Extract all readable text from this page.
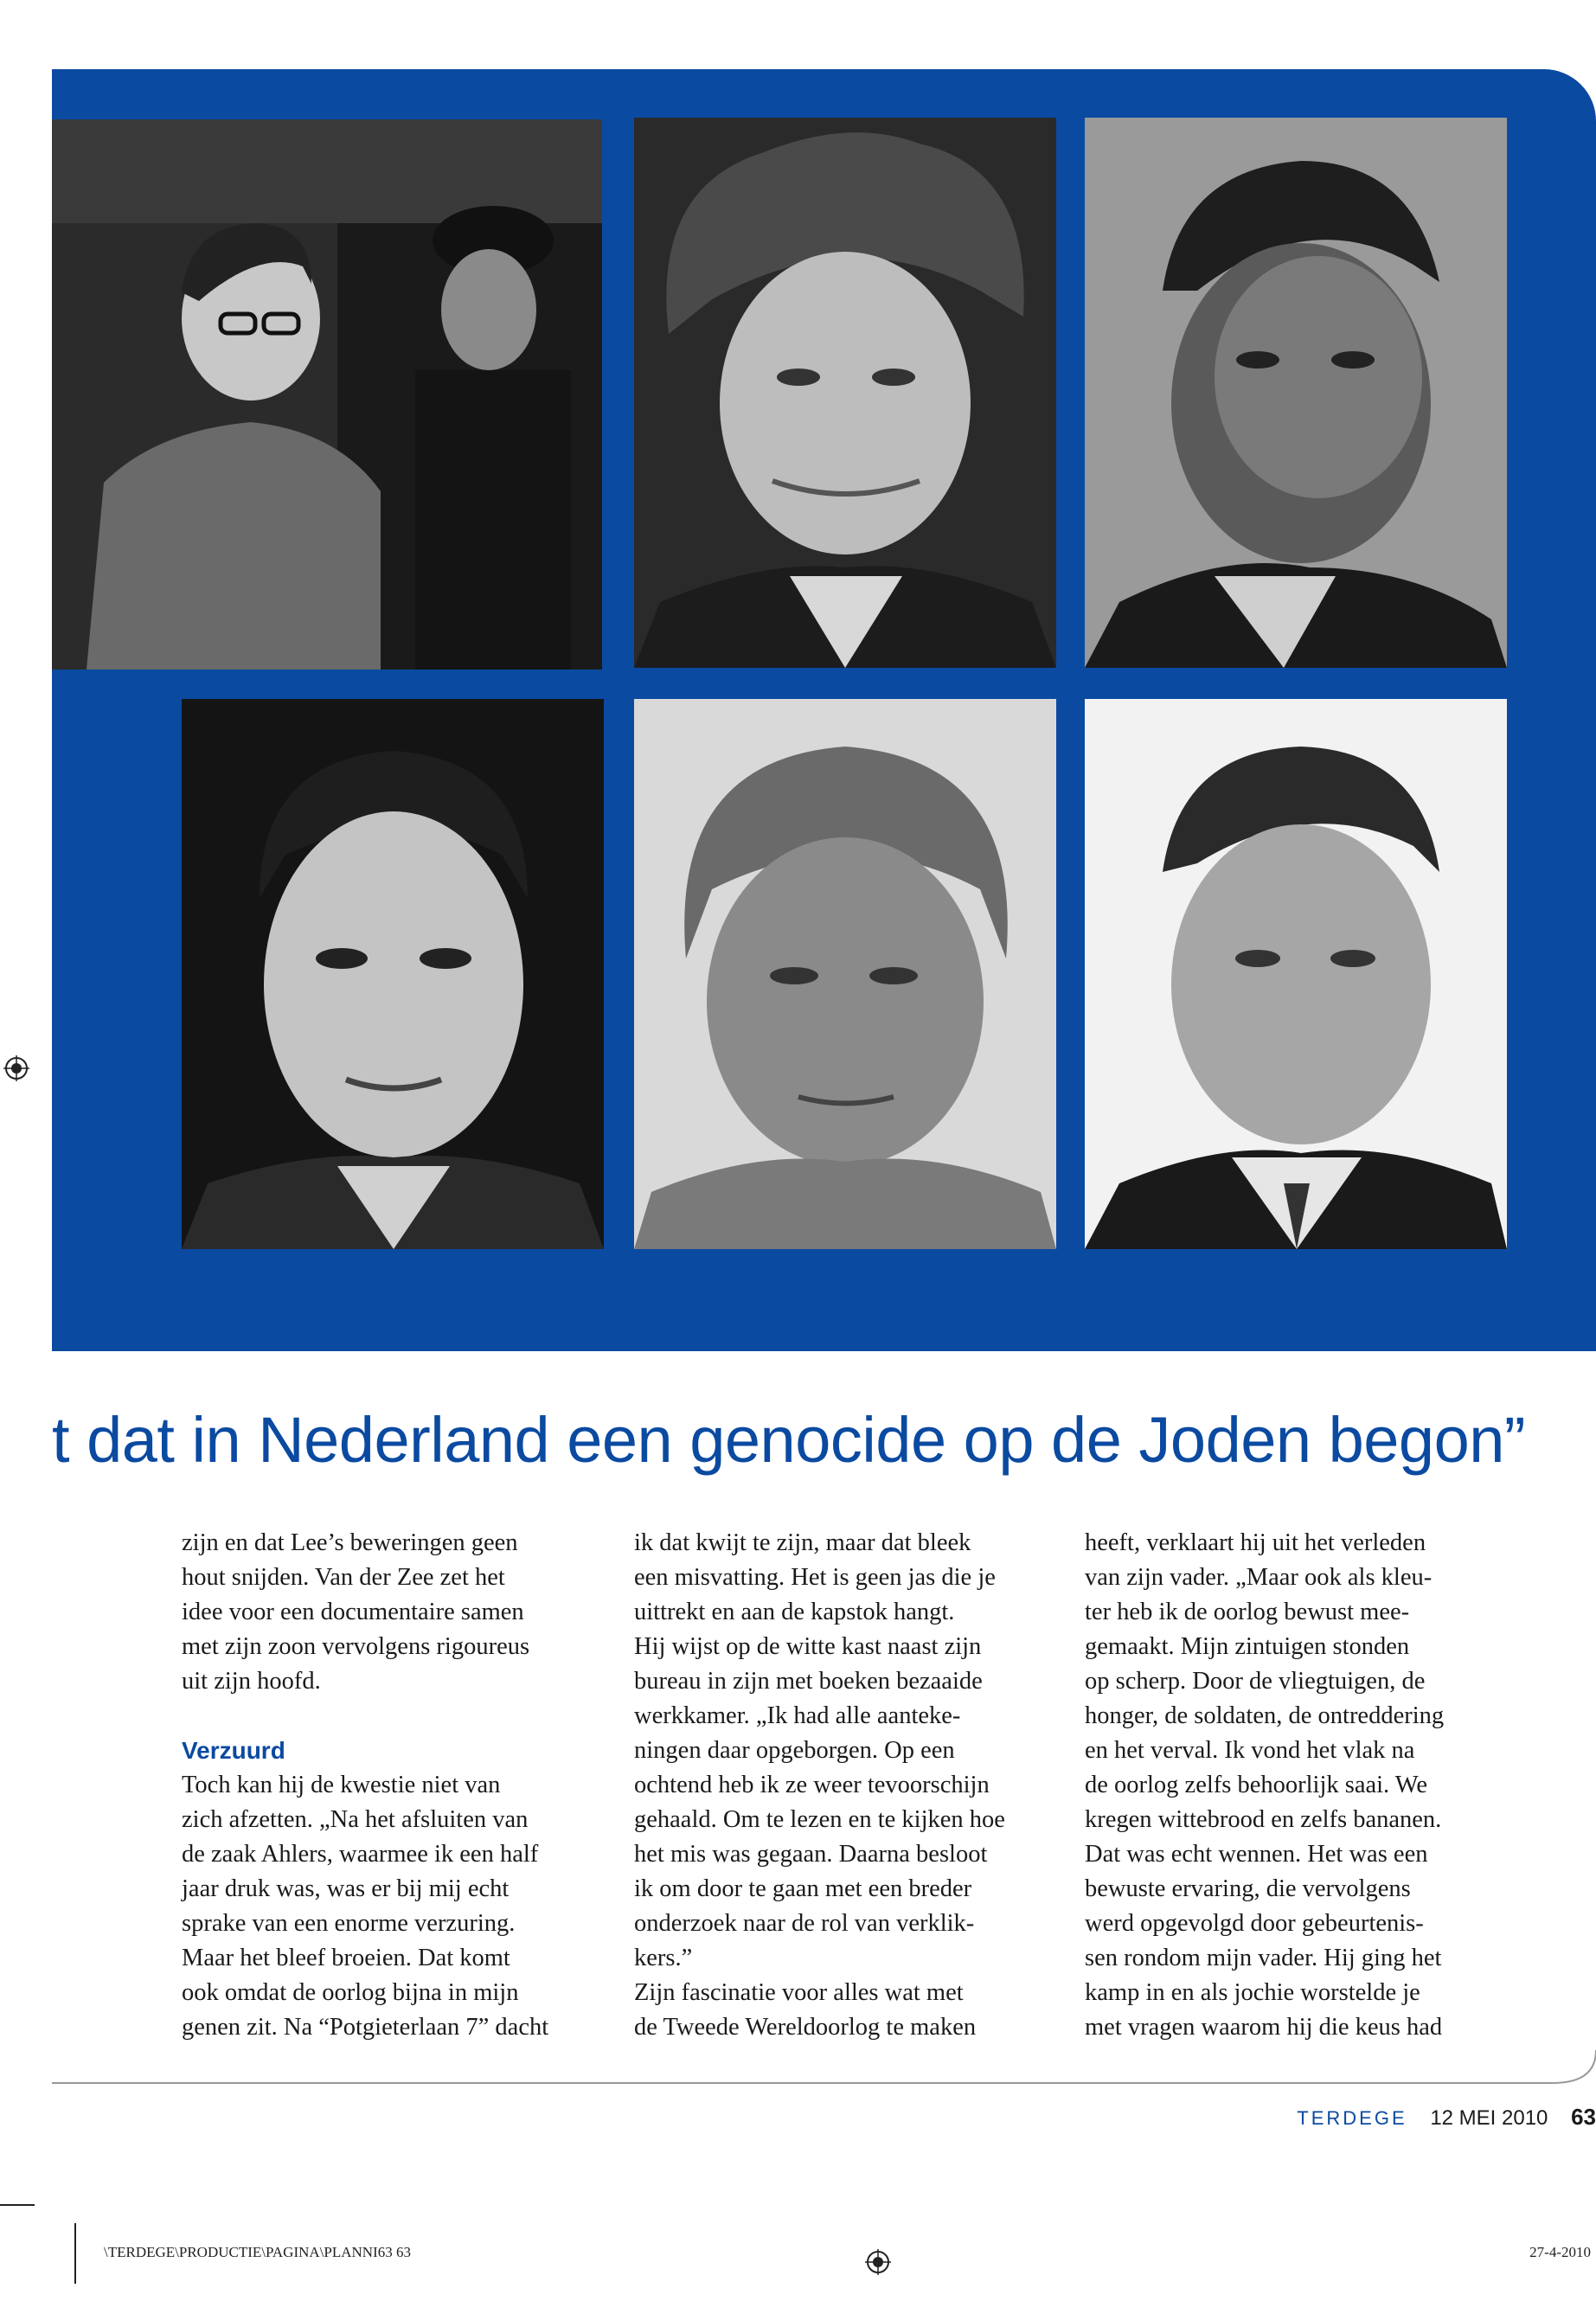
t dat in Nederland een genocide op de Joden begon”
zijn en dat Lee’s beweringen geen
hout snijden. Van der Zee zet het
idee voor een documentaire samen
met zijn zoon vervolgens rigoureus
uit zijn hoofd.
Verzuurd
Toch kan hij de kwestie niet van
zich afzetten. „Na het afsluiten van
de zaak Ahlers, waarmee ik een half
jaar druk was, was er bij mij echt
sprake van een enorme verzuring.
Maar het bleef broeien. Dat komt
ook omdat de oorlog bijna in mijn
genen zit. Na “Potgieterlaan 7” dacht
ik dat kwijt te zijn, maar dat bleek
een misvatting. Het is geen jas die je
uittrekt en aan de kapstok hangt.
Hij wijst op de witte kast naast zijn
bureau in zijn met boeken bezaaide
werkkamer. „Ik had alle aanteke-
ningen daar opgeborgen. Op een
ochtend heb ik ze weer tevoorschijn
gehaald. Om te lezen en te kijken hoe
het mis was gegaan. Daarna besloot
ik om door te gaan met een breder
onderzoek naar de rol van verklik-
kers.”
Zijn fascinatie voor alles wat met
de Tweede Wereldoorlog te maken
heeft, verklaart hij uit het verleden
van zijn vader. „Maar ook als kleu-
ter heb ik de oorlog bewust mee-
gemaakt. Mijn zintuigen stonden
op scherp. Door de vliegtuigen, de
honger, de soldaten, de ontreddering
en het verval. Ik vond het vlak na
de oorlog zelfs behoorlijk saai. We
kregen wittebrood en zelfs bananen.
Dat was echt wennen. Het was een
bewuste ervaring, die vervolgens
werd opgevolgd door gebeurtenis-
sen rondom mijn vader. Hij ging het
kamp in en als jochie worstelde je
met vragen waarom hij die keus had
TERDEGE 12 MEI 2010 63
\TERDEGE\PRODUCTIE\PAGINA\PLANNI63 63	27-4-2010
